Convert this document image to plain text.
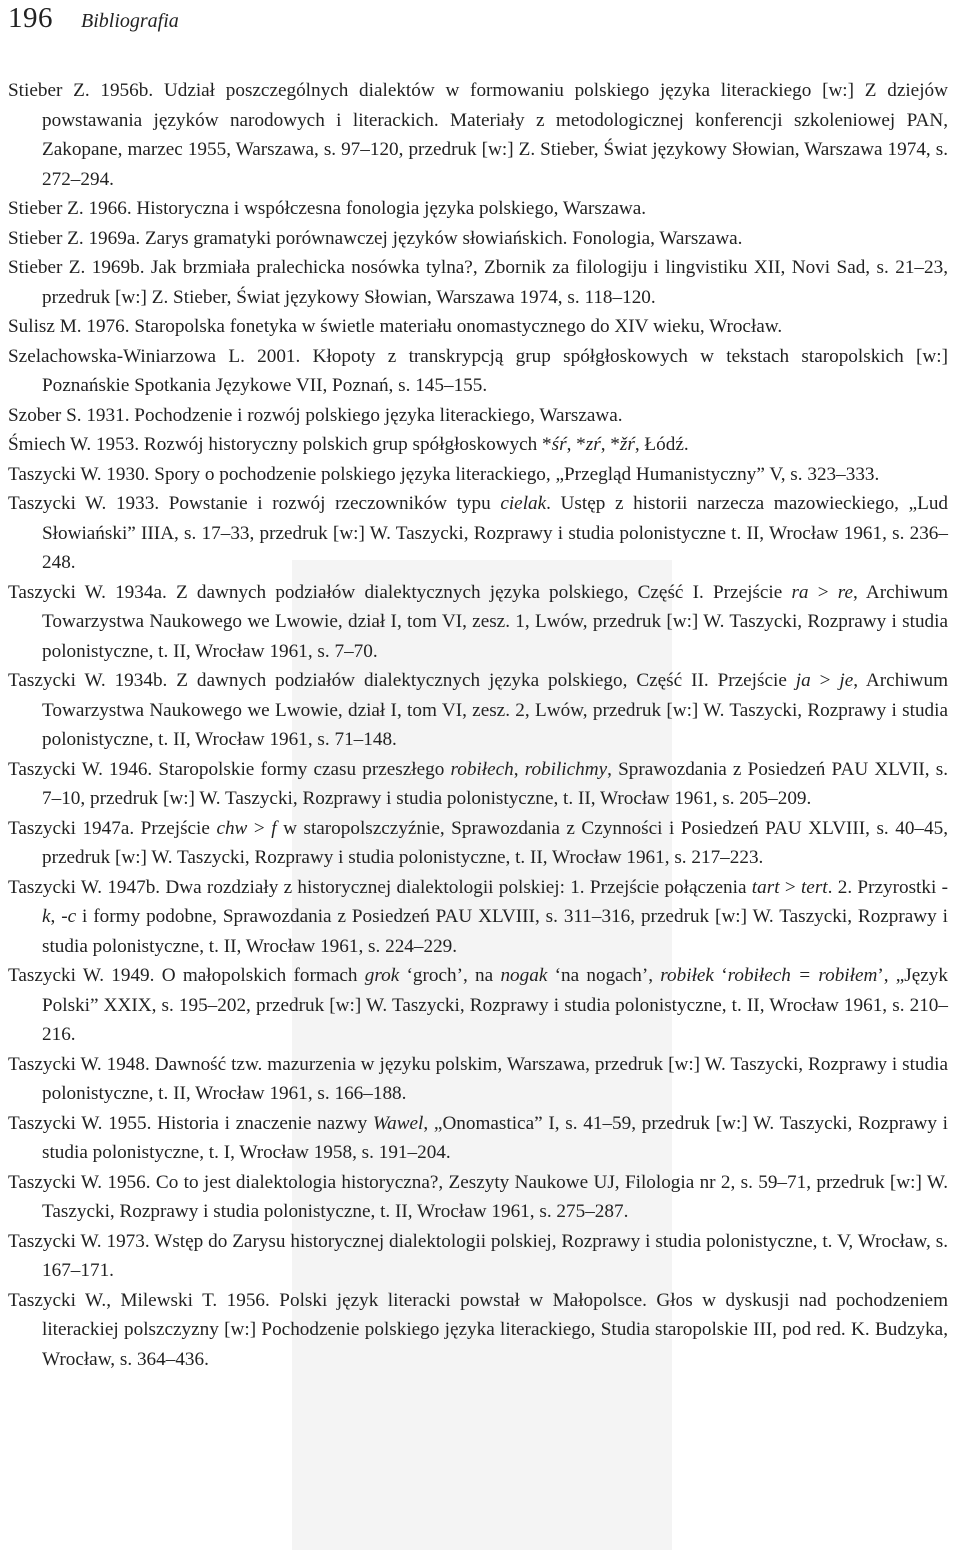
196 Bibliografia
Stieber Z. 1956b. Udział poszczególnych dialektów w formowaniu polskiego języka literackiego [w:] Z dziejów powstawania języków narodowych i literackich. Materiały z metodologicznej konferencji szkoleniowej PAN, Zakopane, marzec 1955, Warszawa, s. 97–120, przedruk [w:] Z. Stieber, Świat językowy Słowian, Warszawa 1974, s. 272–294.
Stieber Z. 1966. Historyczna i współczesna fonologia języka polskiego, Warszawa.
Stieber Z. 1969a. Zarys gramatyki porównawczej języków słowiańskich. Fonologia, Warszawa.
Stieber Z. 1969b. Jak brzmiała pralechicka nosówka tylna?, Zbornik za filologiju i lingvistiku XII, Novi Sad, s. 21–23, przedruk [w:] Z. Stieber, Świat językowy Słowian, Warszawa 1974, s. 118–120.
Sulisz M. 1976. Staropolska fonetyka w świetle materiału onomastycznego do XIV wieku, Wrocław.
Szelachowska-Winiarzowa L. 2001. Kłopoty z transkrypcją grup spółgłoskowych w tekstach staropolskich [w:] Poznańskie Spotkania Językowe VII, Poznań, s. 145–155.
Szober S. 1931. Pochodzenie i rozwój polskiego języka literackiego, Warszawa.
Śmiech W. 1953. Rozwój historyczny polskich grup spółgłoskowych *śŕ, *zŕ, *žŕ, Łódź.
Taszycki W. 1930. Spory o pochodzenie polskiego języka literackiego, „Przegląd Humanistyczny” V, s. 323–333.
Taszycki W. 1933. Powstanie i rozwój rzeczowników typu cielak. Ustęp z historii narzecza mazowieckiego, „Lud Słowiański” IIIA, s. 17–33, przedruk [w:] W. Taszycki, Rozprawy i studia polonistyczne t. II, Wrocław 1961, s. 236–248.
Taszycki W. 1934a. Z dawnych podziałów dialektycznych języka polskiego, Część I. Przejście ra > re, Archiwum Towarzystwa Naukowego we Lwowie, dział I, tom VI, zesz. 1, Lwów, przedruk [w:] W. Taszycki, Rozprawy i studia polonistyczne, t. II, Wrocław 1961, s. 7–70.
Taszycki W. 1934b. Z dawnych podziałów dialektycznych języka polskiego, Część II. Przejście ja > je, Archiwum Towarzystwa Naukowego we Lwowie, dział I, tom VI, zesz. 2, Lwów, przedruk [w:] W. Taszycki, Rozprawy i studia polonistyczne, t. II, Wrocław 1961, s. 71–148.
Taszycki W. 1946. Staropolskie formy czasu przeszłego robiłech, robilichmy, Sprawozdania z Posiedzeń PAU XLVII, s. 7–10, przedruk [w:] W. Taszycki, Rozprawy i studia polonistyczne, t. II, Wrocław 1961, s. 205–209.
Taszycki 1947a. Przejście chw > f w staropolszczyźnie, Sprawozdania z Czynności i Posiedzeń PAU XLVIII, s. 40–45, przedruk [w:] W. Taszycki, Rozprawy i studia polonistyczne, t. II, Wrocław 1961, s. 217–223.
Taszycki W. 1947b. Dwa rozdziały z historycznej dialektologii polskiej: 1. Przejście połączenia tart > tert. 2. Przyrostki -k, -c i formy podobne, Sprawozdania z Posiedzeń PAU XLVIII, s. 311–316, przedruk [w:] W. Taszycki, Rozprawy i studia polonistyczne, t. II, Wrocław 1961, s. 224–229.
Taszycki W. 1949. O małopolskich formach grok ‘groch’, na nogak ‘na nogach’, robiłek ‘robiłech = robiłem’, „Język Polski” XXIX, s. 195–202, przedruk [w:] W. Taszycki, Rozprawy i studia polonistyczne, t. II, Wrocław 1961, s. 210–216.
Taszycki W. 1948. Dawność tzw. mazurzenia w języku polskim, Warszawa, przedruk [w:] W. Taszycki, Rozprawy i studia polonistyczne, t. II, Wrocław 1961, s. 166–188.
Taszycki W. 1955. Historia i znaczenie nazwy Wawel, „Onomastica” I, s. 41–59, przedruk [w:] W. Taszycki, Rozprawy i studia polonistyczne, t. I, Wrocław 1958, s. 191–204.
Taszycki W. 1956. Co to jest dialektologia historyczna?, Zeszyty Naukowe UJ, Filologia nr 2, s. 59–71, przedruk [w:] W. Taszycki, Rozprawy i studia polonistyczne, t. II, Wrocław 1961, s. 275–287.
Taszycki W. 1973. Wstęp do Zarysu historycznej dialektologii polskiej, Rozprawy i studia polonistyczne, t. V, Wrocław, s. 167–171.
Taszycki W., Milewski T. 1956. Polski język literacki powstał w Małopolsce. Głos w dyskusji nad pochodzeniem literackiej polszczyzny [w:] Pochodzenie polskiego języka literackiego, Studia staropolskie III, pod red. K. Budzyka, Wrocław, s. 364–436.
